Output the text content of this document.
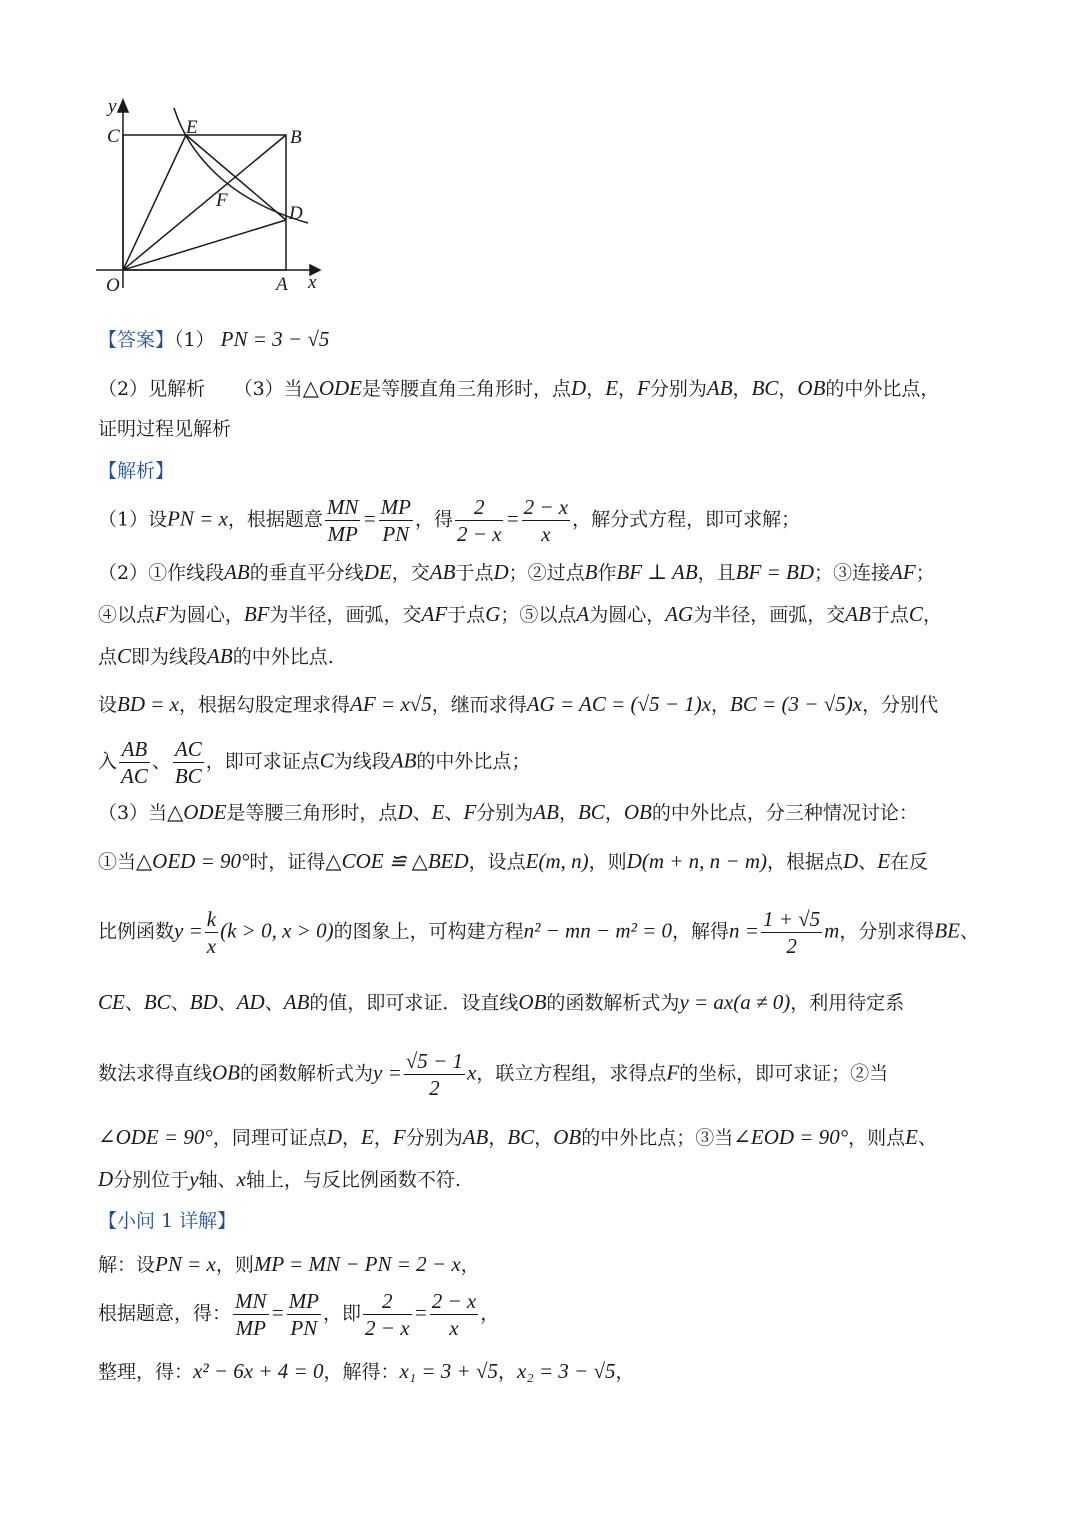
y
C	E	B
F
D
O	A x
【答案】（1） PN = 3 − √5
（2）见解析　　（3）当△ODE是等腰直角三角形时，点D，E，F分别为AB，BC，OB的中外比点，
证明过程见解析
【解析】
（1）设PN = x，根据题意 $\frac{MN}{MP} = \frac{MP}{PN}$ ，得 $\frac{2}{2 - x} = \frac{2 - x}{x}$ ，解分式方程，即可求解；
（2）①作线段AB的垂直平分线DE，交AB于点D；②过点B作BF ⊥ AB，且BF = BD；③连接AF；
④以点F为圆心，BF为半径，画弧，交AF于点G；⑤以点A为圆心，AG为半径，画弧，交AB于点C，
点C即为线段AB的中外比点.
设BD = x，根据勾股定理求得AF = x√5，继而求得AG = AC = (√5 − 1)x，BC = (3 − √5)x，分别代
入 $\frac{AB}{AC}$ 、 $\frac{AC}{BC}$ ，即可求证点C为线段AB的中外比点；
（3）当△ODE是等腰三角形时，点D、E、F分别为AB，BC，OB的中外比点，分三种情况讨论：
①当△OED = 90°时，证得△COE ≌ △BED，设点E(m, n)，则D(m + n, n − m)，根据点D、E在反
比例函数$y = \frac{k}{x} (k > 0$, x > 0)的图象上，可构建方程n² − mn − m² = 0，解得$n = \frac{1 + √5}{2}$ m，分别求得BE、
CE、BC、BD、AD、AB的值，即可求证．设直线OB的函数解析式为y = ax(a ≠ 0)，利用待定系
数法求得直线OB的函数解析式为$y = \frac{√5 - 1}{2}$ x，联立方程组，求得点F的坐标，即可求证；②当
∠ODE = 90°，同理可证点D，E，F分别为AB，BC，OB的中外比点；③当∠EOD = 90°，则点E、
D分别位于y轴、x轴上，与反比例函数不符.
【小问 1 详解】
解：设PN = x，则MP = MN − PN = 2 − x，
根据题意，得： $\frac{MN}{MP} = \frac{MP}{PN}$ ，即 $\frac{2}{2 - x} = \frac{2 - x}{x}$ ，
整理，得：x² − 6x + 4 = 0，解得：x₁ = 3 + √5，x₂ = 3 − √5，
